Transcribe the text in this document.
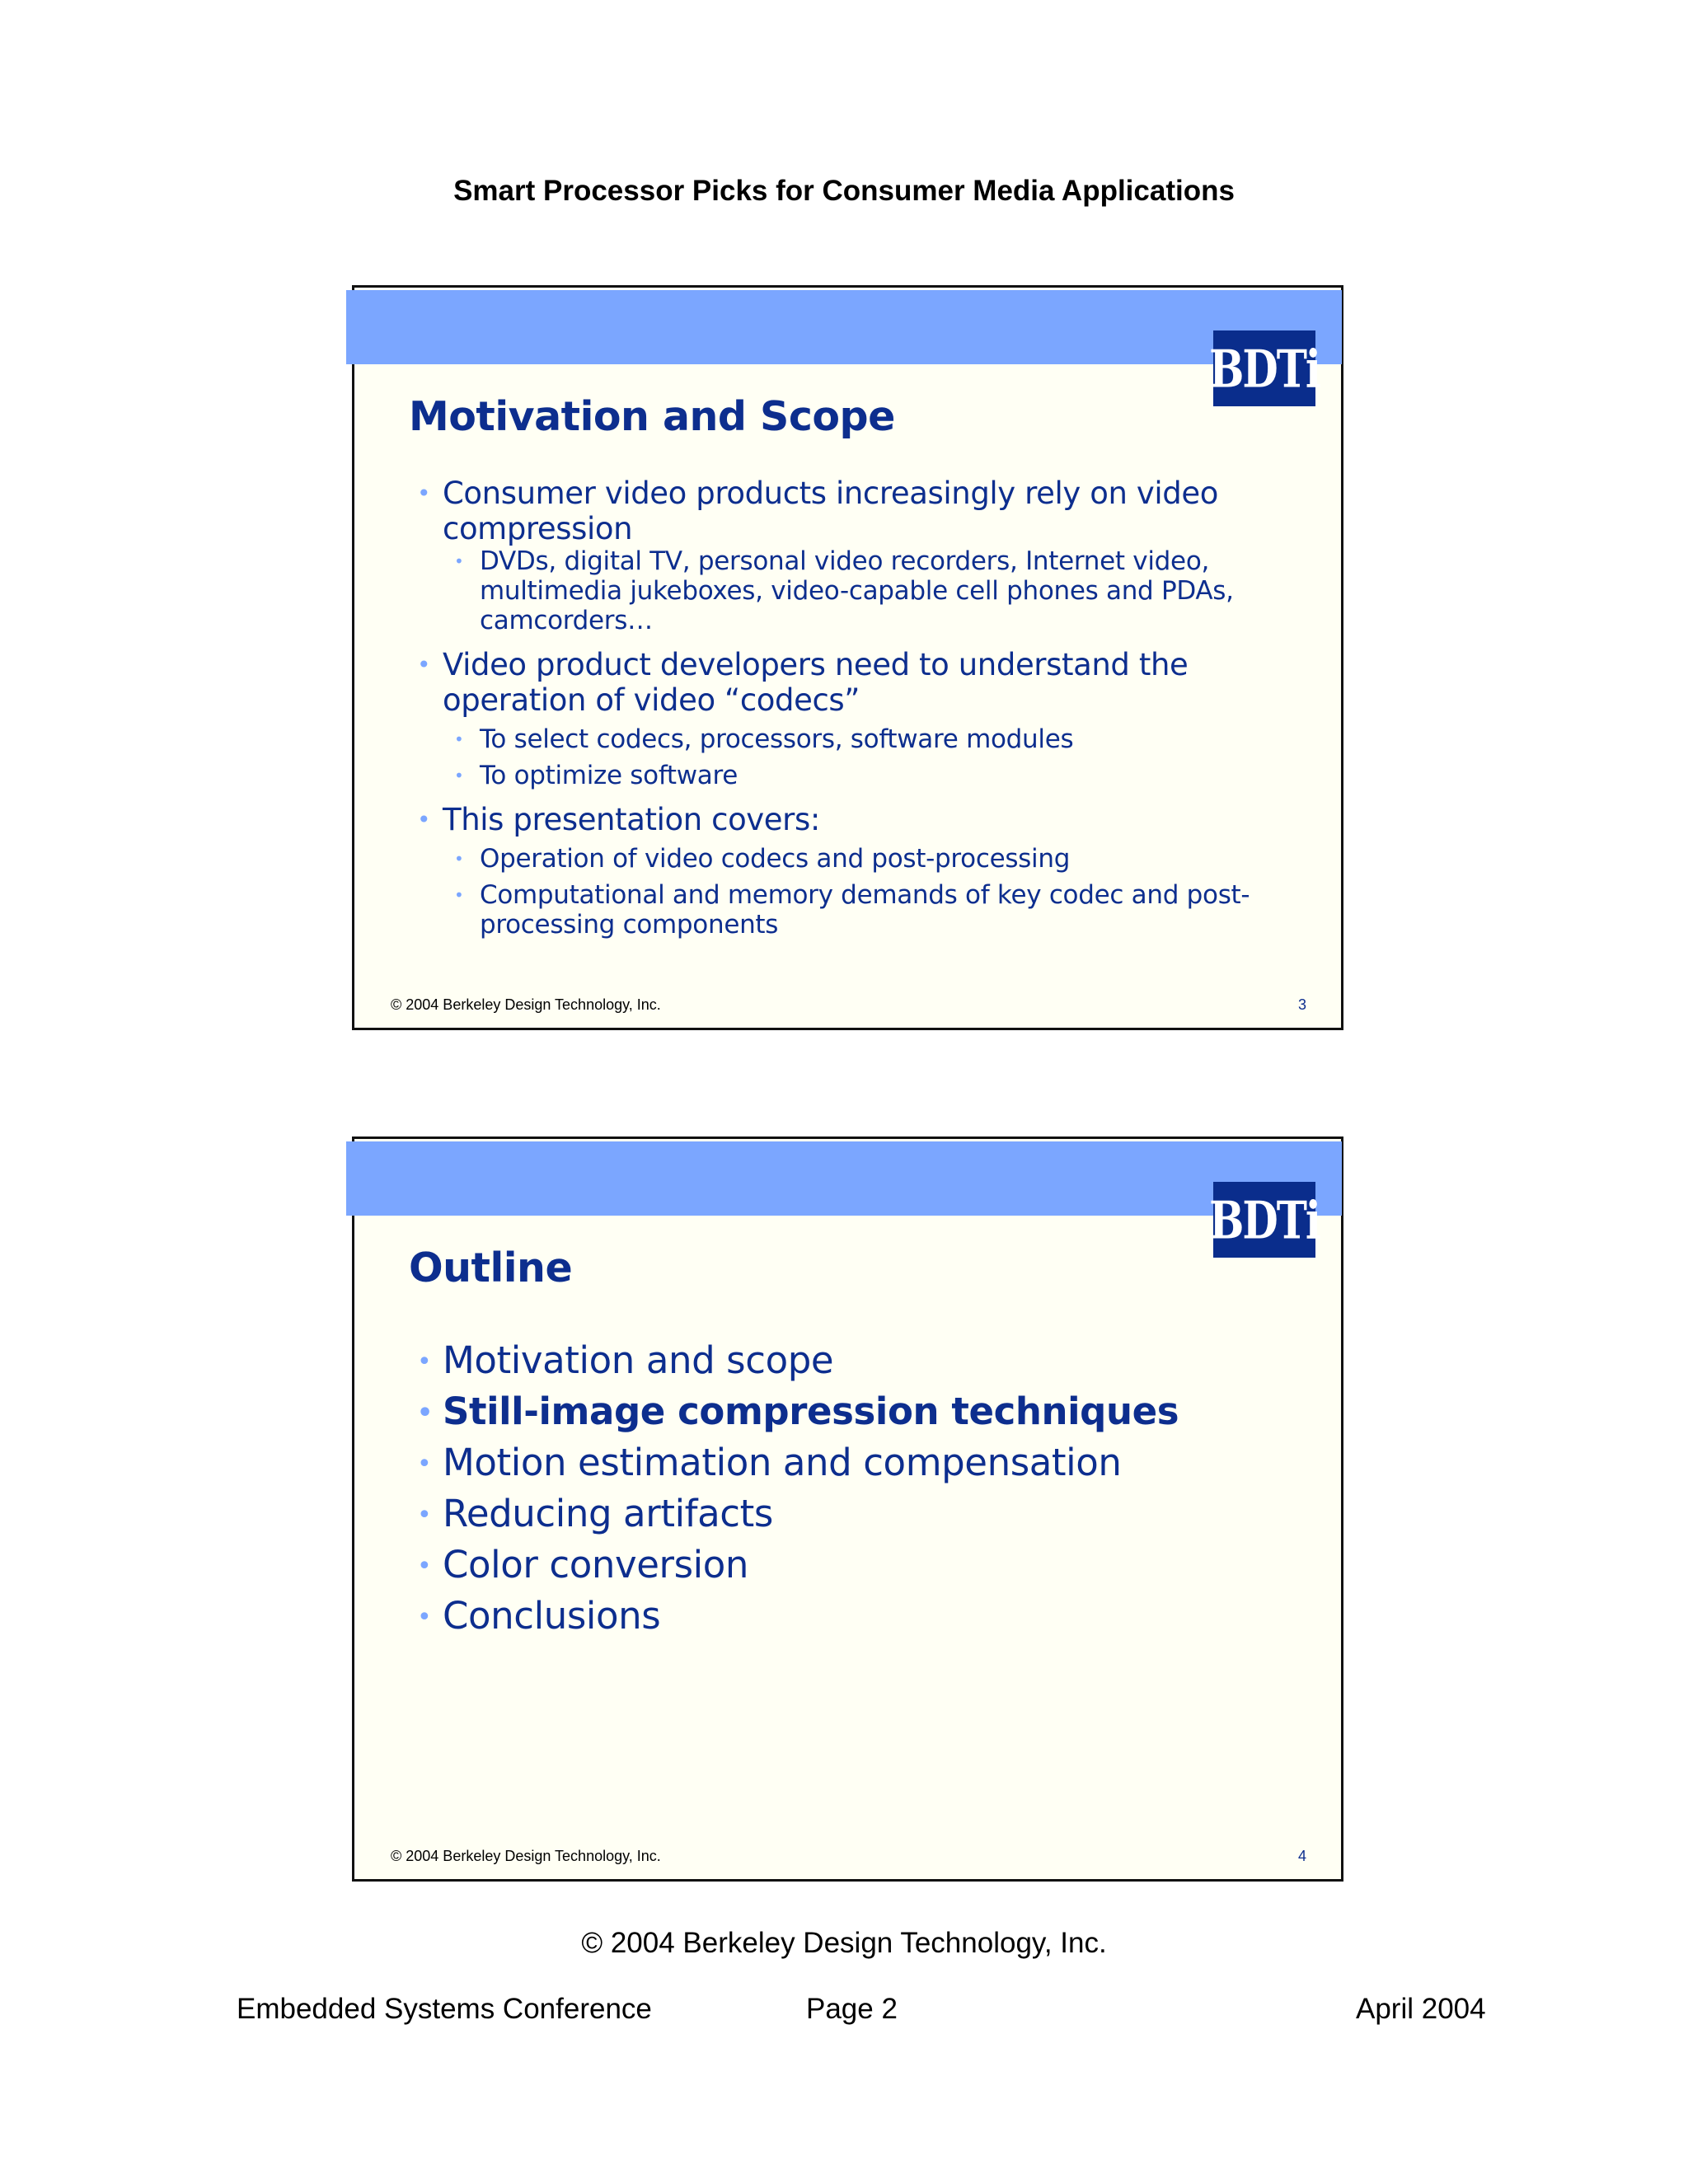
Smart Processor Picks for Consumer Media Applications
BDTi
Motivation and Scope
• Consumer video products increasingly rely on video compression
• DVDs, digital TV, personal video recorders, Internet video, multimedia jukeboxes, video-capable cell phones and PDAs, camcorders…
• Video product developers need to understand the operation of video “codecs”
• To select codecs, processors, software modules
• To optimize software
• This presentation covers:
• Operation of video codecs and post-processing
• Computational and memory demands of key codec and post-processing components
© 2004 Berkeley Design Technology, Inc.	3
BDTi
Outline
• Motivation and scope
• Still-image compression techniques
• Motion estimation and compensation
• Reducing artifacts
• Color conversion
• Conclusions
© 2004 Berkeley Design Technology, Inc.	4
© 2004 Berkeley Design Technology, Inc.
Embedded Systems Conference	Page 2	April 2004
